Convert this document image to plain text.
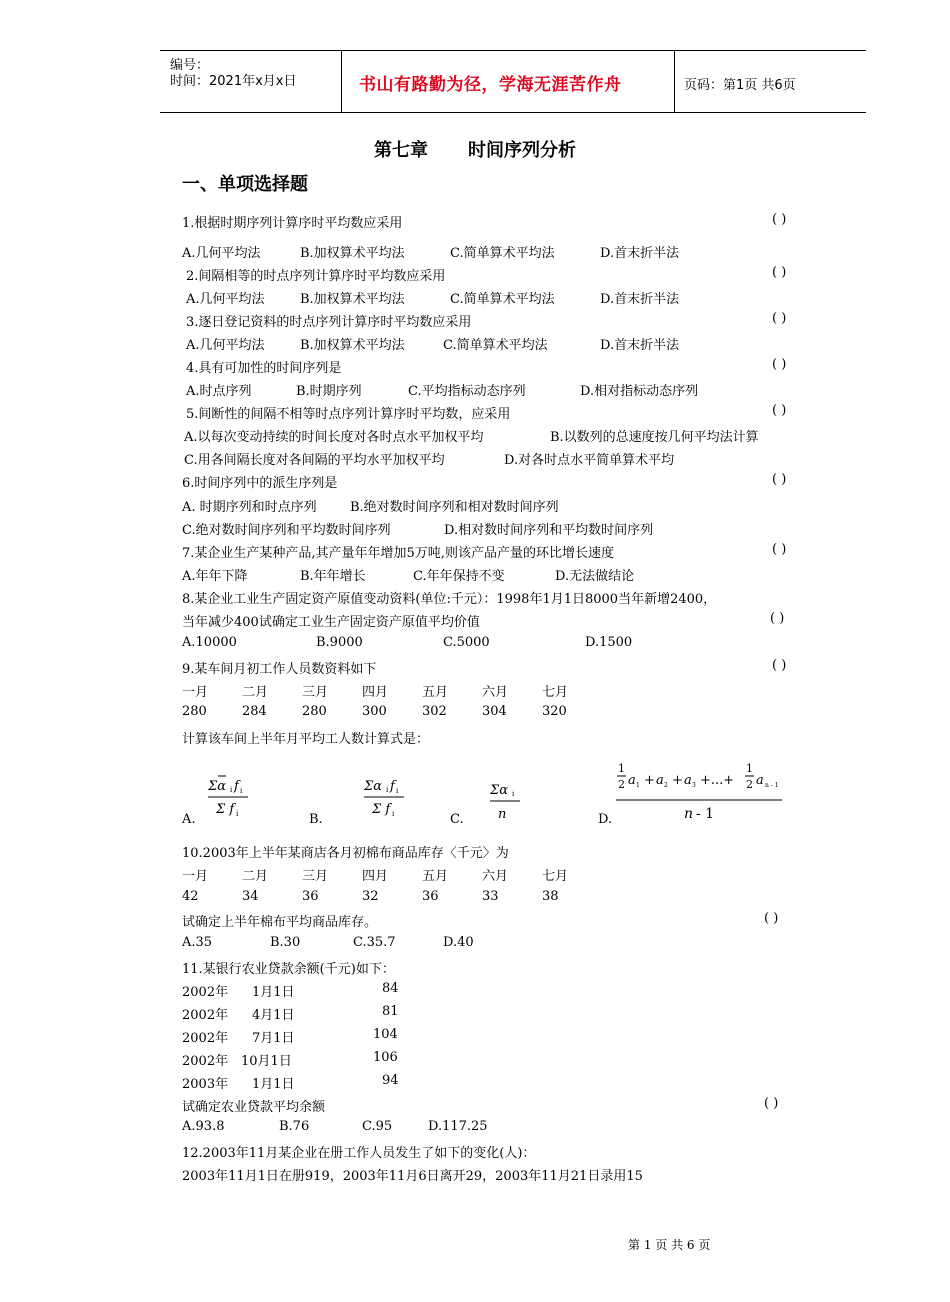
编号：
时间：2021年x月x日	书山有路勤为径，学海无涯苦作舟	页码：第1页 共6页
第七章 时间序列分析
一、单项选择题
1.根据时期序列计算序时平均数应采用	( )
A.几何平均法	B.加权算术平均法	C.简单算术平均法	D.首末折半法
2.间隔相等的时点序列计算序时平均数应采用	( )
A.几何平均法	B.加权算术平均法	C.简单算术平均法	D.首末折半法
3.逐日登记资料的时点序列计算序时平均数应采用	( )
A.几何平均法	B.加权算术平均法	C.简单算术平均法	D.首末折半法
4.具有可加性的时间序列是	( )
A.时点序列	B.时期序列	C.平均指标动态序列	D.相对指标动态序列
5.间断性的间隔不相等时点序列计算序时平均数，应采用	( )
A.以每次变动持续的时间长度对各时点水平加权平均	B.以数列的总速度按几何平均法计算
C.用各间隔长度对各间隔的平均水平加权平均	D.对各时点水平简单算术平均
6.时间序列中的派生序列是	( )
A. 时期序列和时点序列	B.绝对数时间序列和相对数时间序列
C.绝对数时间序列和平均数时间序列	D.相对数时间序列和平均数时间序列
7.某企业生产某种产品,其产量年年增加5万吨,则该产品产量的环比增长速度	( )
A.年年下降	B.年年增长	C.年年保持不变	D.无法做结论
8.某企业工业生产固定资产原值变动资料(单位:千元）：1998年1月1日8000当年新增2400，
当年减少400试确定工业生产固定资产原值平均价值	( )
A.10000	B.9000	C.5000	D.1500
9.某车间月初工作人员数资料如下	( )
一月	二月	三月	四月	五月	六月	七月
280	284	280	300	302	304	320
计算该车间上半年月平均工人数计算式是：
A.
Σα i f i
Σ f i	B.
Σα i f i
Σ f i	C.
Σα i
n	D.
1
2 a 1 + a 2 + a 3 +...+
1
2 a n - 1
n - 1
10.2003年上半年某商店各月初棉布商品库存〈千元〉为
一月	二月	三月	四月	五月	六月	七月
42	34	36	32	36	33	38
试确定上半年棉布平均商品库存。	( )
A.35	B.30	C.35.7	D.40
11.某银行农业贷款余额(千元)如下：
2002年 1月1日	84
2002年 4月1日	81
2002年 7月1日	104
2002年 10月1日	106
2003年 1月1日	94
试确定农业贷款平均余额	( )
A.93.8	B.76	C.95	D.117.25
12.2003年11月某企业在册工作人员发生了如下的变化(人)：
2003年11月1日在册919，2003年11月6日离开29，2003年11月21日录用15
第 1 页 共 6 页
